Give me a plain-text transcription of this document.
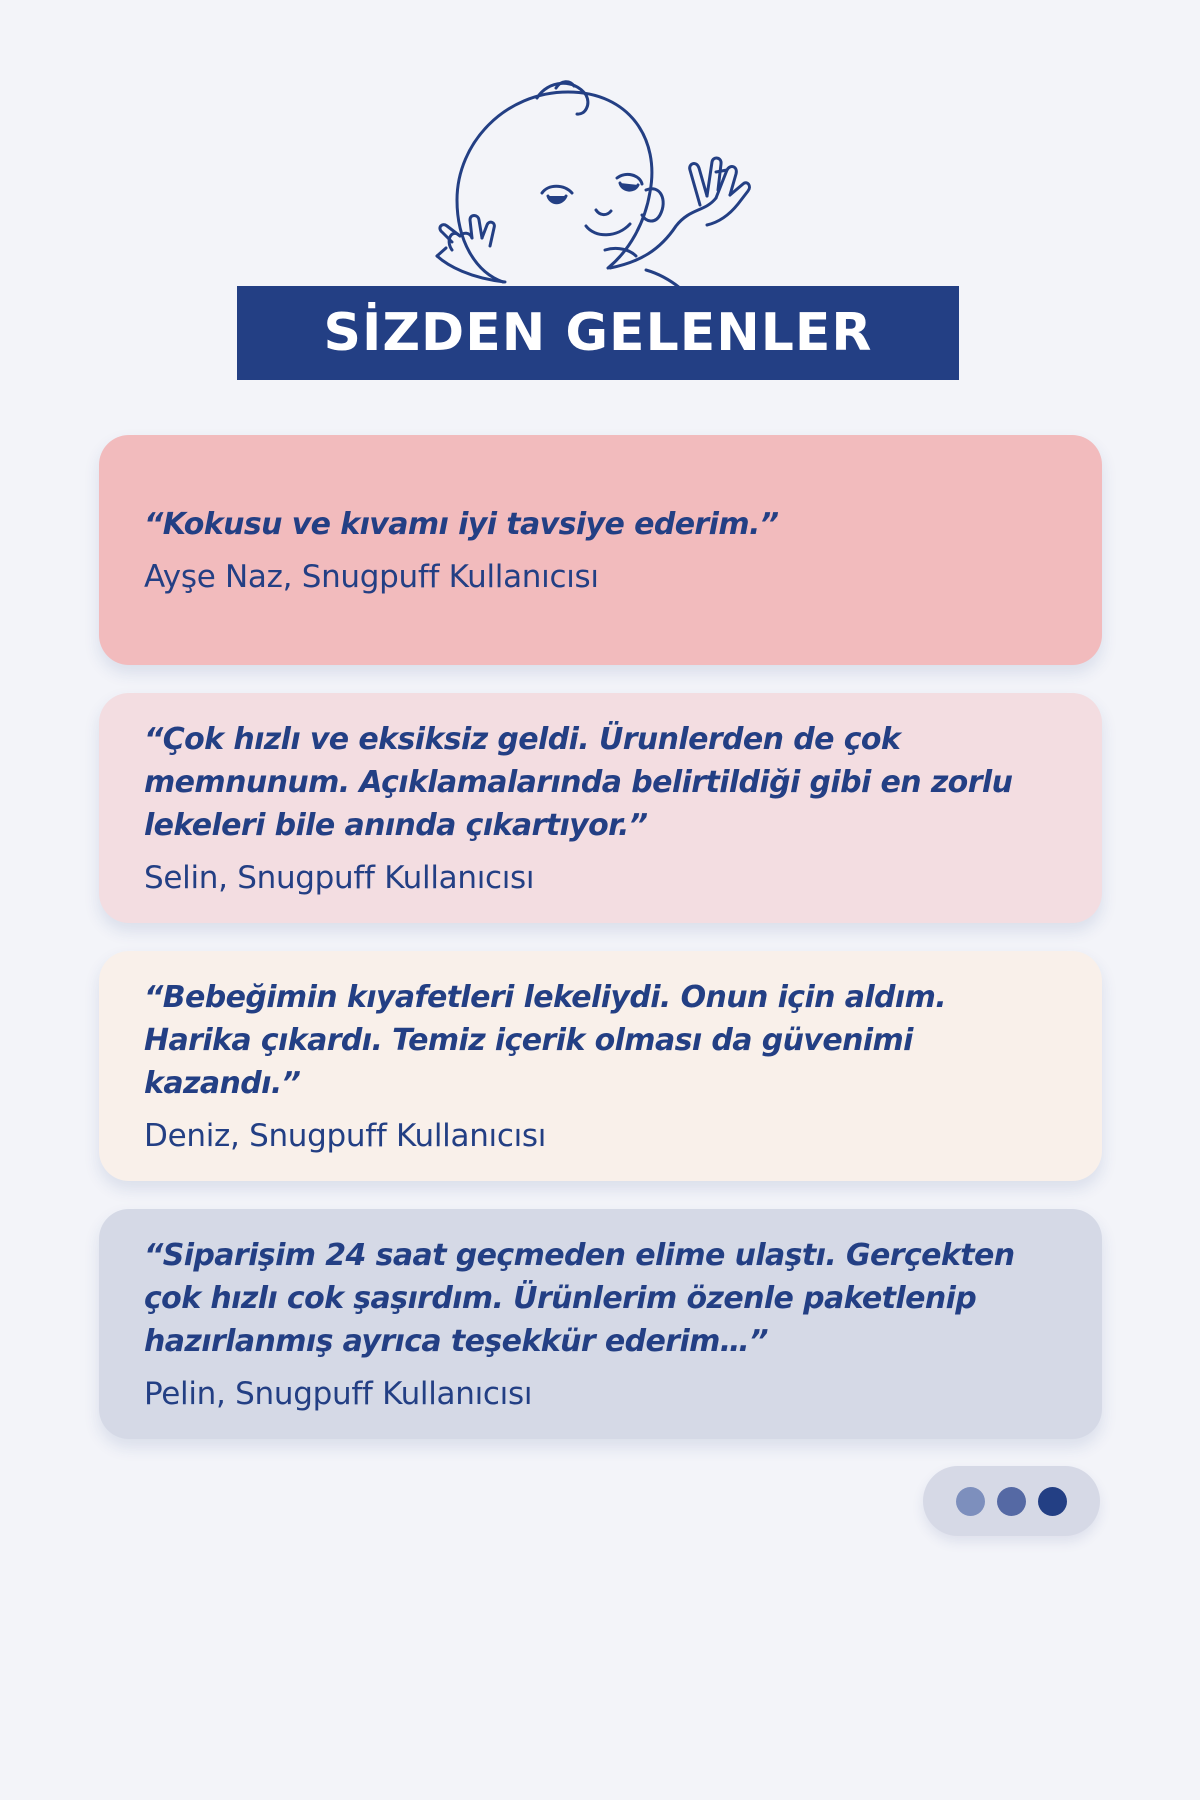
SİZDEN GELENLER
“Kokusu ve kıvamı iyi tavsiye ederim.”
Ayşe Naz, Snugpuff Kullanıcısı
“Çok hızlı ve eksiksiz geldi. Ürunlerden de çok memnunum. Açıklamalarında belirtildiği gibi en zorlu lekeleri bile anında çıkartıyor.”
Selin, Snugpuff Kullanıcısı
“Bebeğimin kıyafetleri lekeliydi. Onun için aldım. Harika çıkardı. Temiz içerik olması da güvenimi kazandı.”
Deniz, Snugpuff Kullanıcısı
“Siparişim 24 saat geçmeden elime ulaştı. Gerçekten çok hızlı cok şaşırdım. Ürünlerim özenle paketlenip hazırlanmış ayrıca teşekkür ederim…”
Pelin, Snugpuff Kullanıcısı
